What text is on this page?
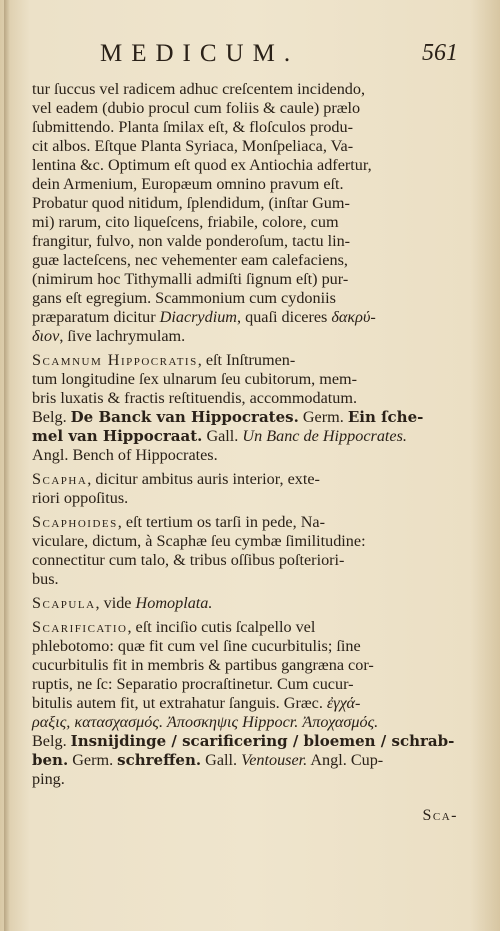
MEDICUM.	561

tur ſuccus vel radicem adhuc creſcentem incidendo,
vel eadem (dubio procul cum foliis & caule) prælo
ſubmittendo. Planta ſmilax eſt, & floſculos produ-
cit albos. Eſtque Planta Syriaca, Monſpeliaca, Va-
lentina &c. Optimum eſt quod ex Antiochia adfertur,
dein Armenium, Europæum omnino pravum eſt.
Probatur quod nitidum, ſplendidum, (inſtar Gum-
mi) rarum, cito liqueſcens, friabile, colore, cum
frangitur, fulvo, non valde ponderoſum, tactu lin-
guæ lacteſcens, nec vehementer eam calefaciens,
(nimirum hoc Tithymalli admiſti ſignum eſt) pur-
gans eſt egregium. Scammonium cum cydoniis
præparatum dicitur Diacrydium, quaſi diceres δακρύ-
διον, ſive lachrymulam.

Scamnum Hippocratis, eſt Inſtrumen-
tum longitudine ſex ulnarum ſeu cubitorum, mem-
bris luxatis & fractis reſtituendis, accommodatum.
Belg. De Banck van Hippocrates. Germ. Ein ſche-
mel van Hippocraat. Gall. Un Banc de Hippocrates.
Angl. Bench of Hippocrates.

Scapha, dicitur ambitus auris interior, exte-
riori oppoſitus.

Scaphoides, eſt tertium os tarſi in pede, Na-
viculare, dictum, à Scaphæ ſeu cymbæ ſimilitudine:
connectitur cum talo, & tribus oſſibus poſteriori-
bus.

Scapula, vide Homoplata.

Scarificatio, eſt inciſio cutis ſcalpello vel
phlebotomo: quæ fit cum vel ſine cucurbitulis; ſine
cucurbitulis fit in membris & partibus gangræna cor-
ruptis, ne ſc: Separatio procraſtinetur. Cum cucur-
bitulis autem fit, ut extrahatur ſanguis. Græc. ἐγχά-
ραξις, κατασχασμός. Ἀποσκηψις Hippocr. Ἀποχασμός.
Belg. Insnijdinge / scarificering / bloemen / schrab-
ben. Germ. schreffen. Gall. Ventouser. Angl. Cup-
ping.

Sca-
